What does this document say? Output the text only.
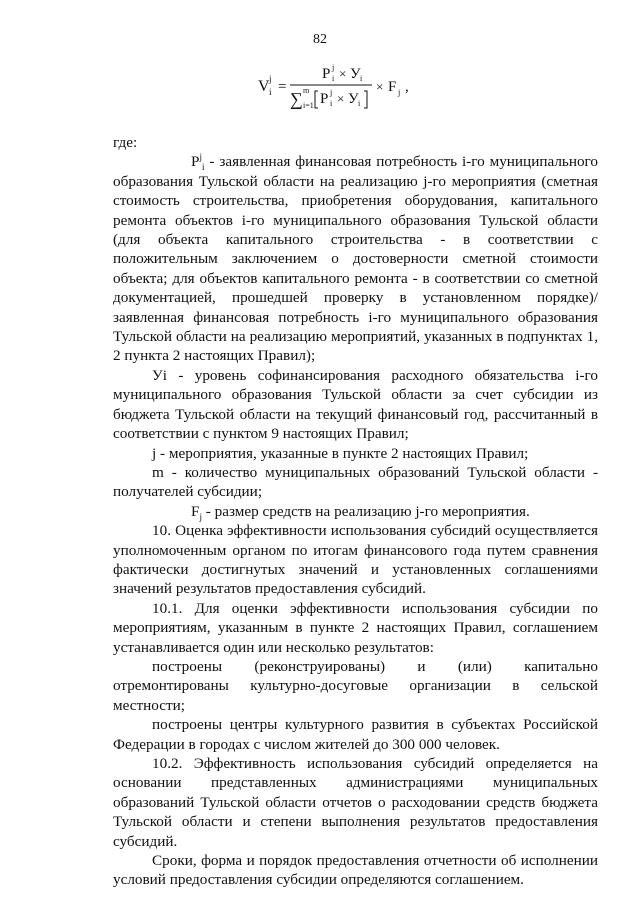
82
V j
i =
P j
i × У i
∑ m
i=1 P j
i × У i
× F j ,

где:

$P^j_i$ - заявленная финансовая потребность i-го муниципального образования Тульской области на реализацию j-го мероприятия (сметная стоимость строительства, приобретения оборудования, капитального ремонта объектов i-го муниципального образования Тульской области (для объекта капитального строительства - в соответствии с положительным заключением о достоверности сметной стоимости объекта; для объектов капитального ремонта - в соответствии со сметной документацией, прошедшей проверку в установленном порядке)/заявленная финансовая потребность i-го муниципального образования Тульской области на реализацию мероприятий, указанных в подпунктах 1, 2 пункта 2 настоящих Правил);

Уi - уровень софинансирования расходного обязательства i-го муниципального образования Тульской области за счет субсидии из бюджета Тульской области на текущий финансовый год, рассчитанный в соответствии с пунктом 9 настоящих Правил;

j - мероприятия, указанные в пункте 2 настоящих Правил;

m - количество муниципальных образований Тульской области - получателей субсидии;

$F_j$ - размер средств на реализацию j-го мероприятия.

10. Оценка эффективности использования субсидий осуществляется уполномоченным органом по итогам финансового года путем сравнения фактически достигнутых значений и установленных соглашениями значений результатов предоставления субсидий.

10.1. Для оценки эффективности использования субсидии по мероприятиям, указанным в пункте 2 настоящих Правил, соглашением устанавливается один или несколько результатов:

построены (реконструированы) и (или) капитально отремонтированы культурно-досуговые организации в сельской местности;

построены центры культурного развития в субъектах Российской Федерации в городах с числом жителей до 300 000 человек.

10.2. Эффективность использования субсидий определяется на основании представленных администрациями муниципальных образований Тульской области отчетов о расходовании средств бюджета Тульской области и степени выполнения результатов предоставления субсидий.

Сроки, форма и порядок предоставления отчетности об исполнении условий предоставления субсидии определяются соглашением.
